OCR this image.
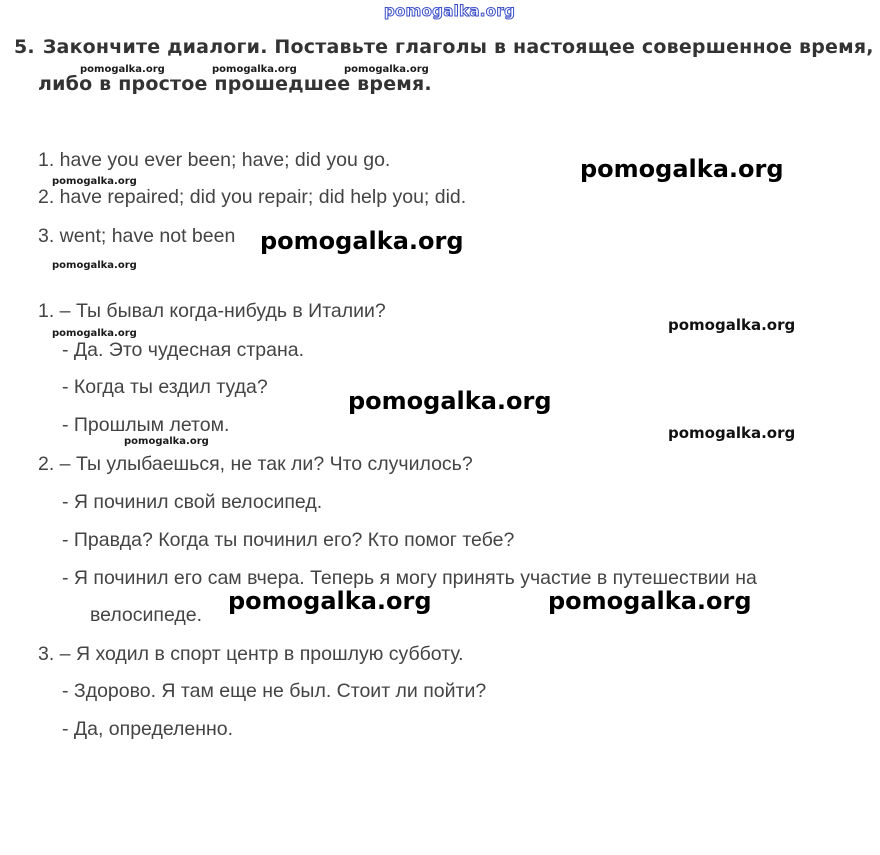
pomogalka.org
5. Закончите диалоги. Поставьте глаголы в настоящее совершенное время,
либо в простое прошедшее время.
1. have you ever been; have; did you go.
2. have repaired; did you repair; did help you; did.
3. went; have not been
1. – Ты бывал когда-нибудь в Италии?
- Да. Это чудесная страна.
- Когда ты ездил туда?
- Прошлым летом.
2. – Ты улыбаешься, не так ли? Что случилось?
- Я починил свой велосипед.
- Правда? Когда ты починил его? Кто помог тебе?
- Я починил его сам вчера. Теперь я могу принять участие в путешествии на
велосипеде.
3. – Я ходил в спорт центр в прошлую субботу.
- Здорово. Я там еще не был. Стоит ли пойти?
- Да, определенно.
pomogalka.org	pomogalka.org	pomogalka.org
pomogalka.org
pomogalka.org
pomogalka.org
pomogalka.org
pomogalka.org
pomogalka.org
pomogalka.org
pomogalka.org
pomogalka.org
pomogalka.org	pomogalka.org
